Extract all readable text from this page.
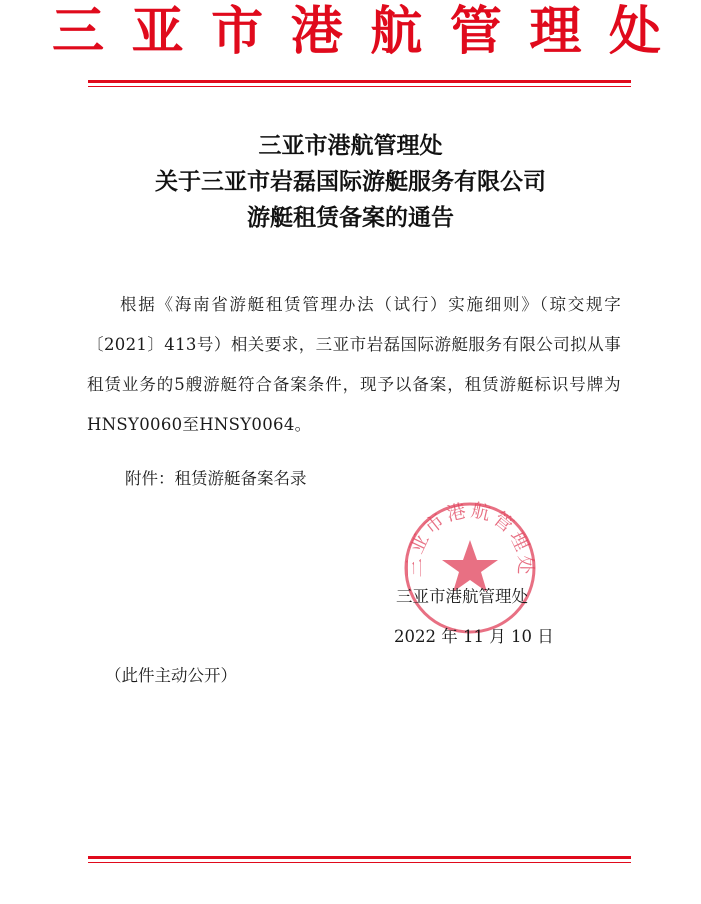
三 亚 市 港 航 管 理 处
三亚市港航管理处
关于三亚市岩磊国际游艇服务有限公司
游艇租赁备案的通告
根据《海南省游艇租赁管理办法（试行）实施细则》（琼交规字〔2021〕413号）相关要求，三亚市岩磊国际游艇服务有限公司拟从事租赁业务的5艘游艇符合备案条件，现予以备案，租赁游艇标识号牌为HNSY0060至HNSY0064。
附件：租赁游艇备案名录
三亚市港航管理处
三亚市港航管理处
2022 年 11 月 10 日
（此件主动公开）
